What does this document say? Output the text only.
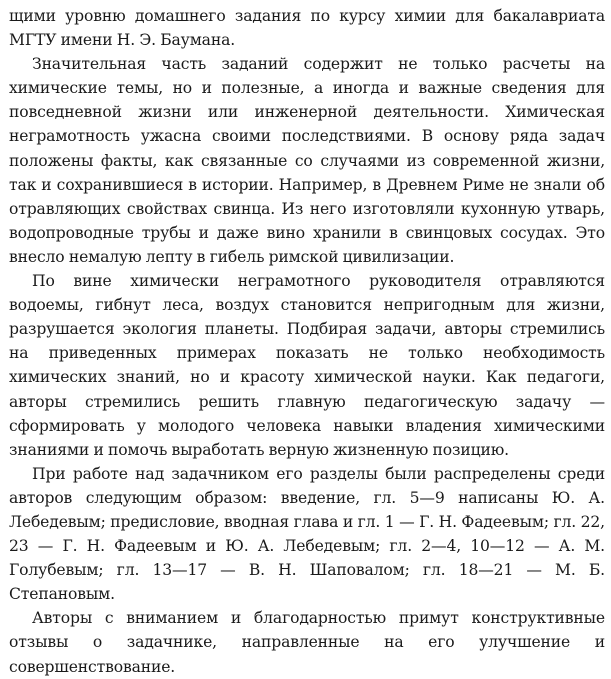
щими уровню домашнего задания по курсу химии для бакалавриата МГТУ имени Н. Э. Баумана.

Значительная часть заданий содержит не только расчеты на химические темы, но и полезные, а иногда и важные сведения для повседневной жизни или инженерной деятельности. Химическая неграмотность ужасна своими последствиями. В основу ряда задач положены факты, как связанные со случаями из современной жизни, так и сохранившиеся в истории. Например, в Древнем Риме не знали об отравляющих свойствах свинца. Из него изготовляли кухонную утварь, водопроводные трубы и даже вино хранили в свинцовых сосудах. Это внесло немалую лепту в гибель римской цивилизации.

По вине химически неграмотного руководителя отравляются водоемы, гибнут леса, воздух становится непригодным для жизни, разрушается экология планеты. Подбирая задачи, авторы стремились на приведенных примерах показать не только необходимость химических знаний, но и красоту химической науки. Как педагоги, авторы стремились решить главную педагогическую задачу — сформировать у молодого человека навыки владения химическими знаниями и помочь выработать верную жизненную позицию.

При работе над задачником его разделы были распределены среди авторов следующим образом: введение, гл. 5—9 написаны Ю. А. Лебедевым; предисловие, вводная глава и гл. 1 — Г. Н. Фадеевым; гл. 22, 23 — Г. Н. Фадеевым и Ю. А. Лебедевым; гл. 2—4, 10—12 — А. М. Голубевым; гл. 13—17 — В. Н. Шаповалом; гл. 18—21 — М. Б. Степановым.

Авторы с вниманием и благодарностью примут конструктивные отзывы о задачнике, направленные на его улучшение и совершенствование.
